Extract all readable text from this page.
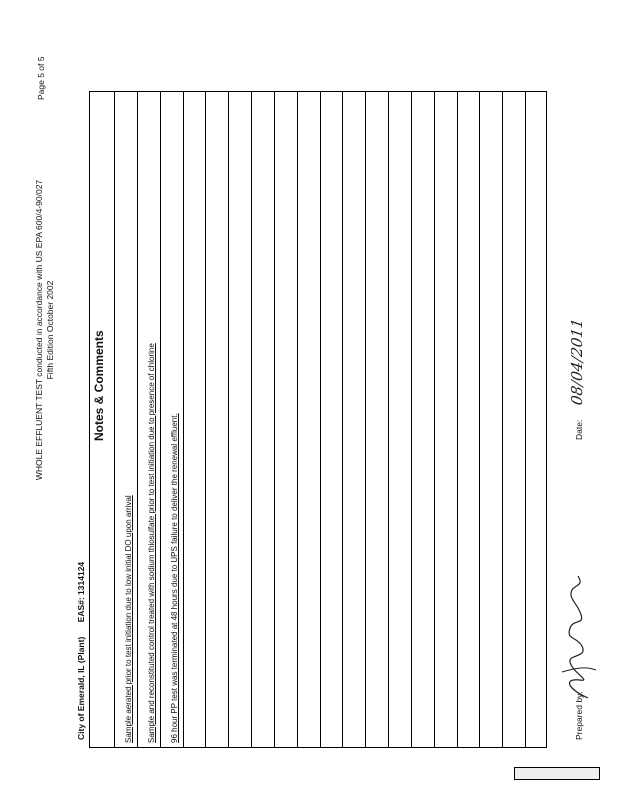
WHOLE EFFLUENT TEST conducted in accordance with US EPA 600/4-90/027 Fifth Edition October 2002
Page 5 of 5
City of Emerald, IL (Plant) EAS#: 1314124
Notes & Comments
Sample aerated prior to test initiation due to low initial DO upon arrival Sample and reconstituted control treated with sodium thiosulfate prior to test initiation due to presence of chlorine 96 hour PP test was terminated at 48 hours due to UPS failure to deliver the renewal effluent.	Prepared by:
Date:
08/04/2011
